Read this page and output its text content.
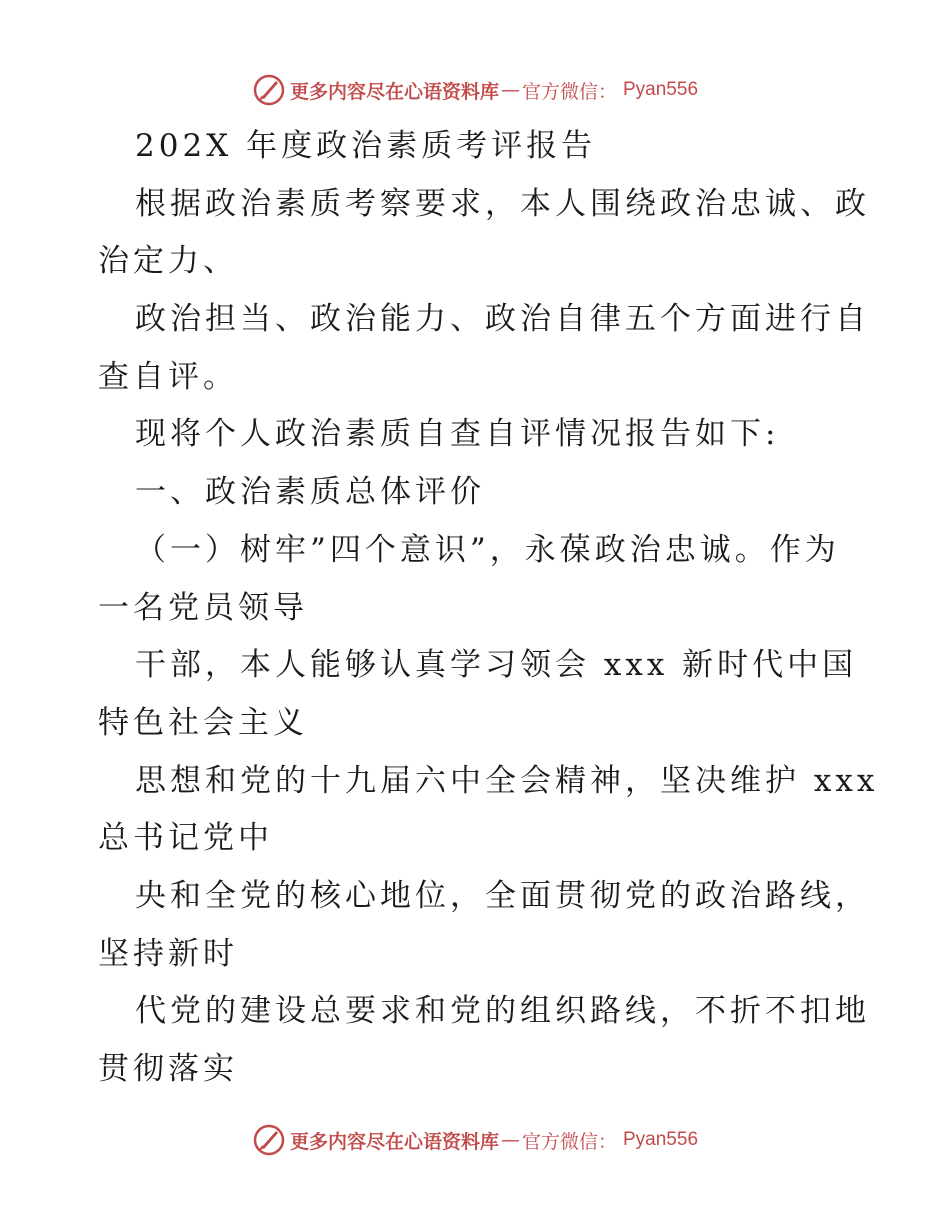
更多内容尽在心语资料库 — 官方微信： Pyan556
202X 年度政治素质考评报告
根据政治素质考察要求，本人围绕政治忠诚、政
治定力、
政治担当、政治能力、政治自律五个方面进行自
查自评。
现将个人政治素质自查自评情况报告如下:
一、政治素质总体评价
（一）树牢”四个意识”，永葆政治忠诚。作为
一名党员领导
干部，本人能够认真学习领会 xxx 新时代中国
特色社会主义
思想和党的十九届六中全会精神，坚决维护 xxx
总书记党中
央和全党的核心地位，全面贯彻党的政治路线，
坚持新时
代党的建设总要求和党的组织路线，不折不扣地
贯彻落实
更多内容尽在心语资料库 — 官方微信： Pyan556
